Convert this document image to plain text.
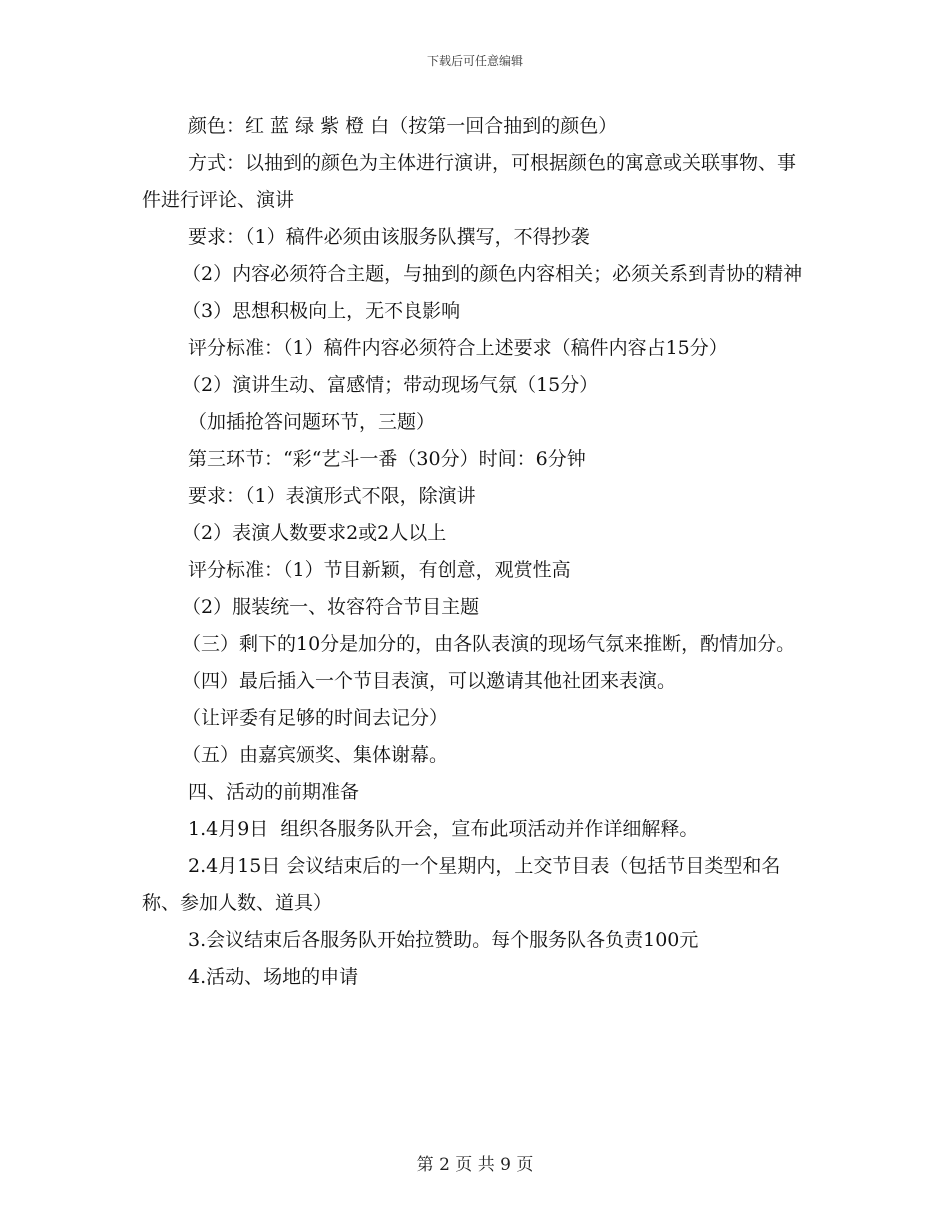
下载后可任意编辑

颜色：红 蓝 绿 紫 橙 白（按第一回合抽到的颜色）

方式：以抽到的颜色为主体进行演讲，可根据颜色的寓意或关联事物、事件进行评论、演讲

要求：（1）稿件必须由该服务队撰写，不得抄袭

（2）内容必须符合主题，与抽到的颜色内容相关；必须关系到青协的精神

（3）思想积极向上，无不良影响

评分标准：（1）稿件内容必须符合上述要求（稿件内容占15分）

（2）演讲生动、富感情；带动现场气氛（15分）

（加插抢答问题环节，三题）

第三环节：“彩“艺斗一番（30分）时间：6分钟

要求：（1）表演形式不限，除演讲

（2）表演人数要求2或2人以上

评分标准：（1）节目新颖，有创意，观赏性高

（2）服装统一、妆容符合节目主题

（三）剩下的10分是加分的，由各队表演的现场气氛来推断，酌情加分。

（四）最后插入一个节目表演，可以邀请其他社团来表演。

（让评委有足够的时间去记分）

（五）由嘉宾颁奖、集体谢幕。

四、活动的前期准备

1.4月9日  组织各服务队开会，宣布此项活动并作详细解释。

2.4月15日 会议结束后的一个星期内，上交节目表（包括节目类型和名称、参加人数、道具）

3.会议结束后各服务队开始拉赞助。每个服务队各负责100元

4.活动、场地的申请

第 2 页 共 9 页
